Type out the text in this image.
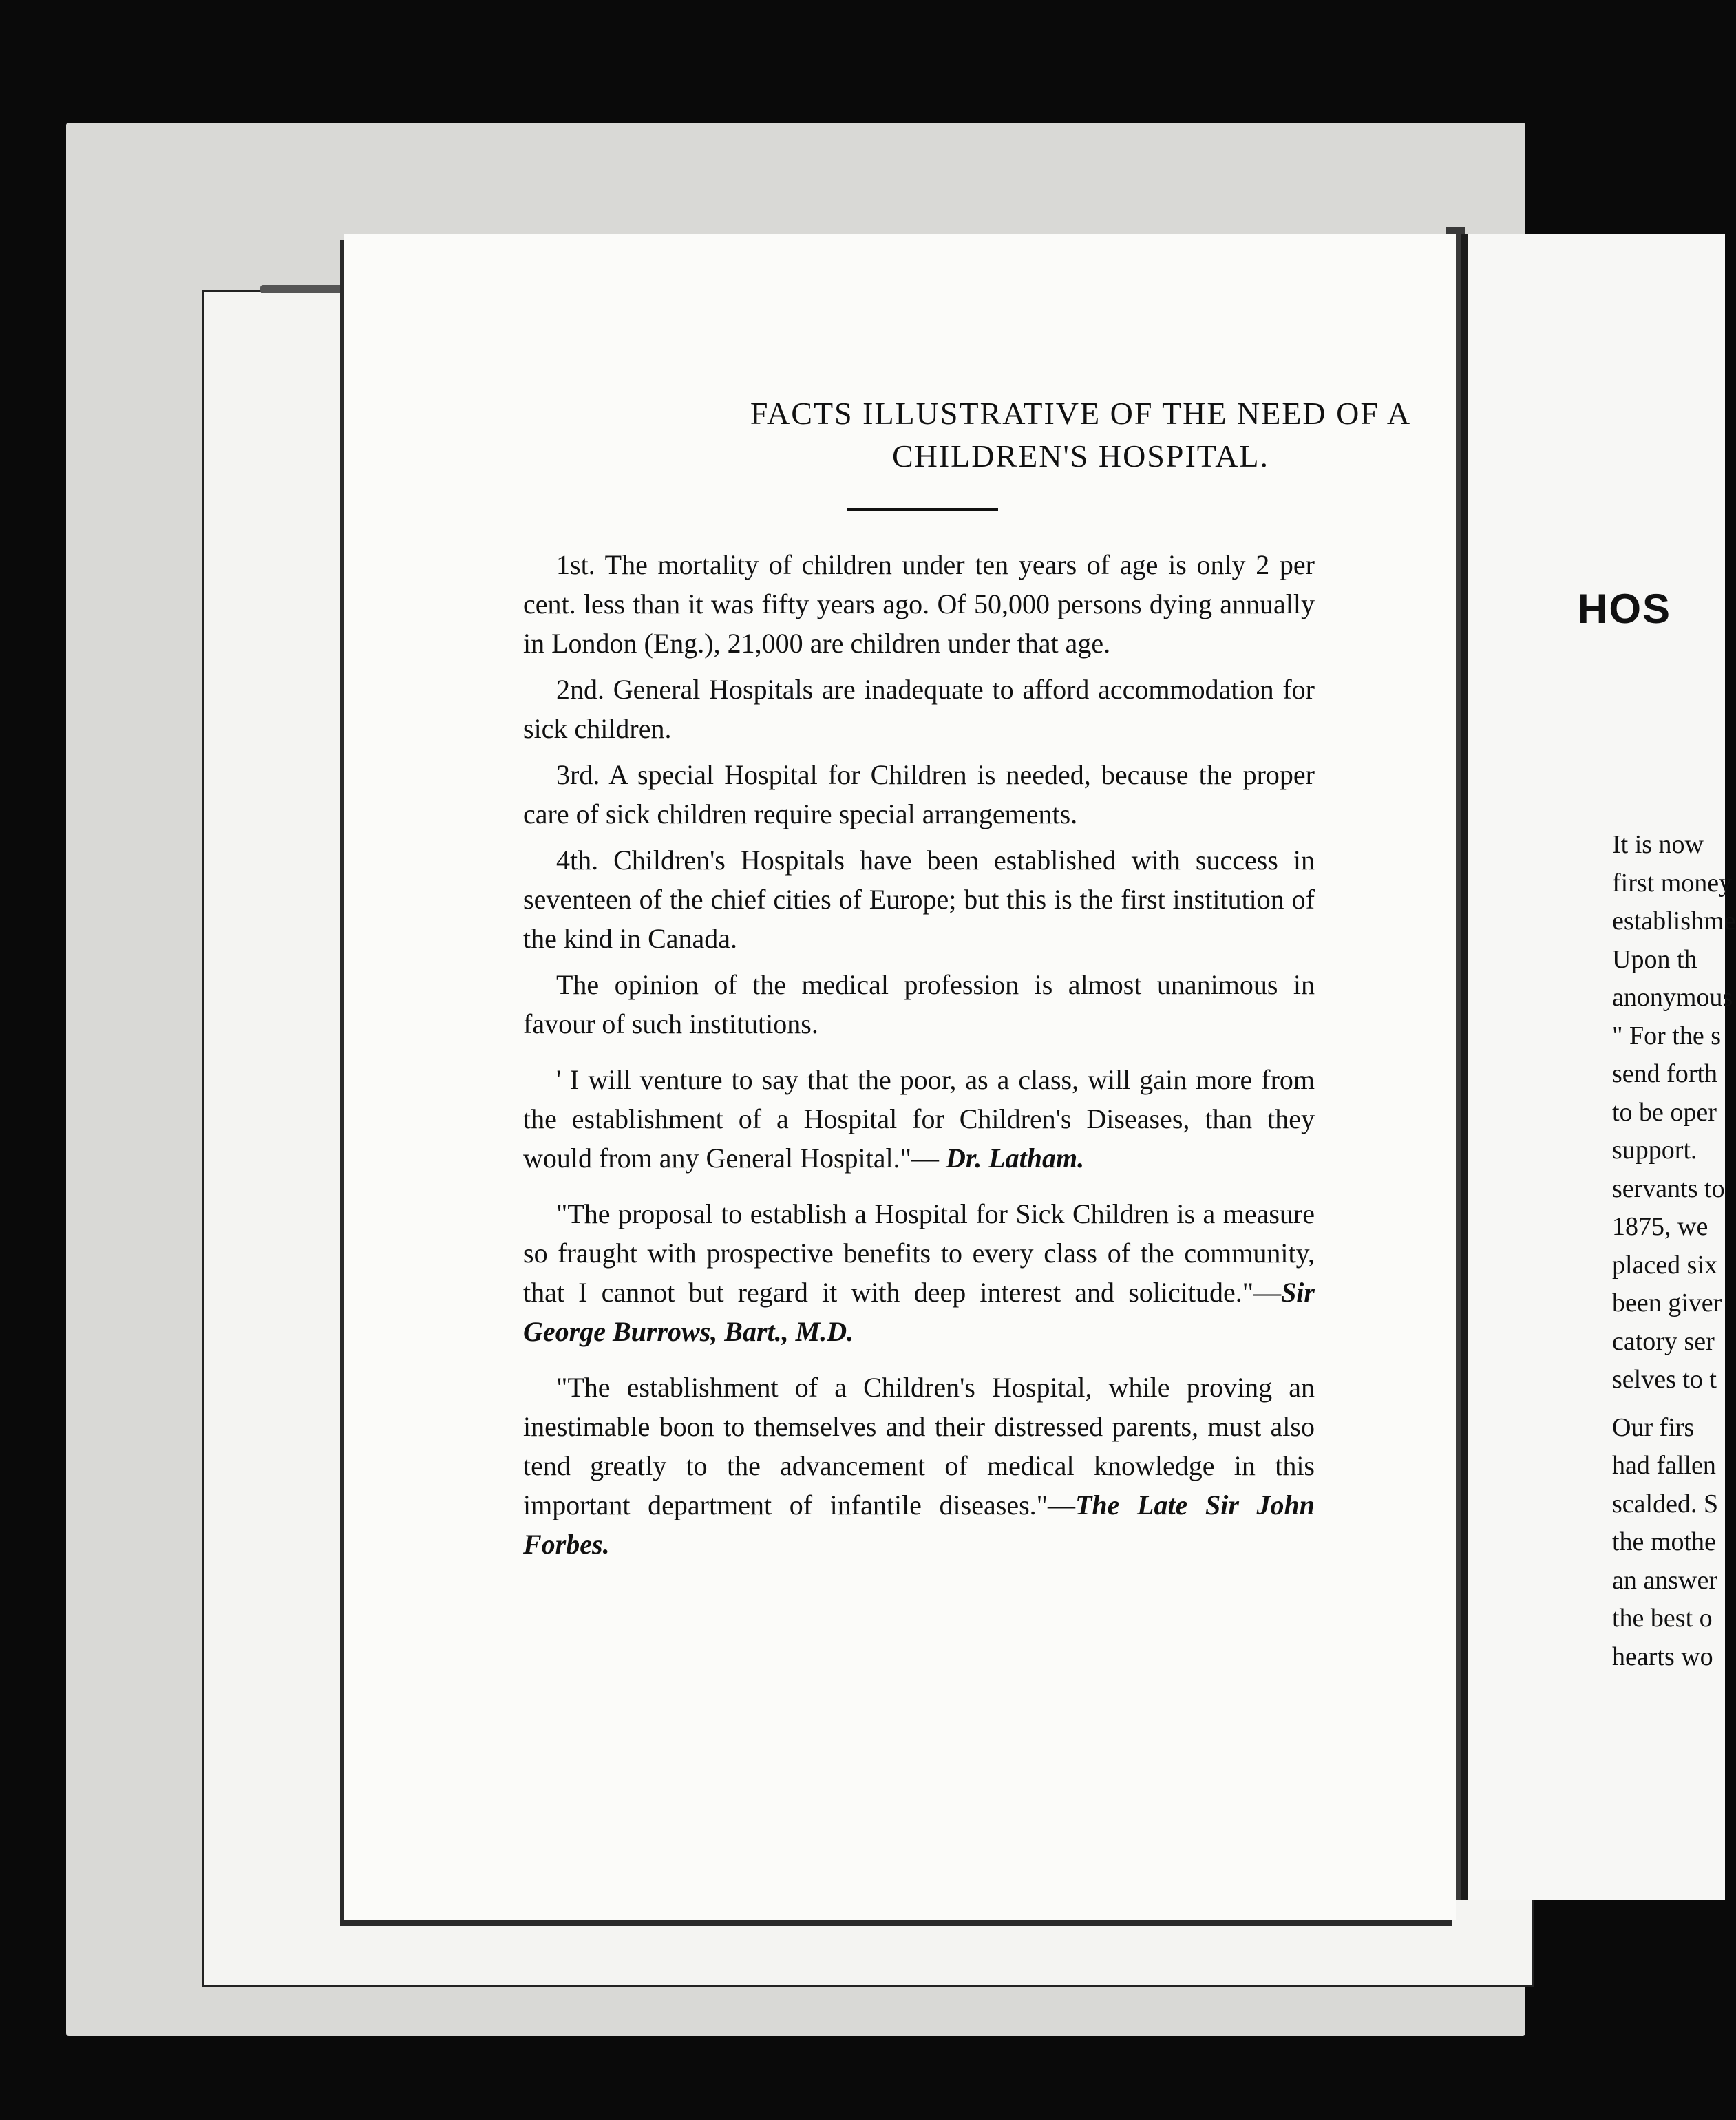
HOS
It is now
first money
establishme
Upon th
anonymous
" For the s
send forth
to be oper
support.
servants to
1875, we
placed six
been giver
catory ser
selves to t
Our firs
had fallen
scalded. S
the mothe
an answer
the best o
hearts wo
FACTS ILLUSTRATIVE OF THE NEED OF A
CHILDREN'S HOSPITAL.

1st. The mortality of children under ten years of age is only 2 per cent. less than it was fifty years ago. Of 50,000 persons dying annually in London (Eng.), 21,000 are children under that age.

2nd. General Hospitals are inadequate to afford accommodation for sick children.

3rd. A special Hospital for Children is needed, because the proper care of sick children require special arrangements.

4th. Children's Hospitals have been established with success in seventeen of the chief cities of Europe; but this is the first institution of the kind in Canada.

The opinion of the medical profession is almost unanimous in favour of such institutions.

' I will venture to say that the poor, as a class, will gain more from the establishment of a Hospital for Children's Diseases, than they would from any General Hospital."— Dr. Latham.

"The proposal to establish a Hospital for Sick Children is a measure so fraught with prospective benefits to every class of the community, that I cannot but regard it with deep interest and solicitude."—Sir George Burrows, Bart., M.D.

"The establishment of a Children's Hospital, while proving an inestimable boon to themselves and their distressed parents, must also tend greatly to the advancement of medical knowledge in this important department of infantile diseases."—The Late Sir John Forbes.
